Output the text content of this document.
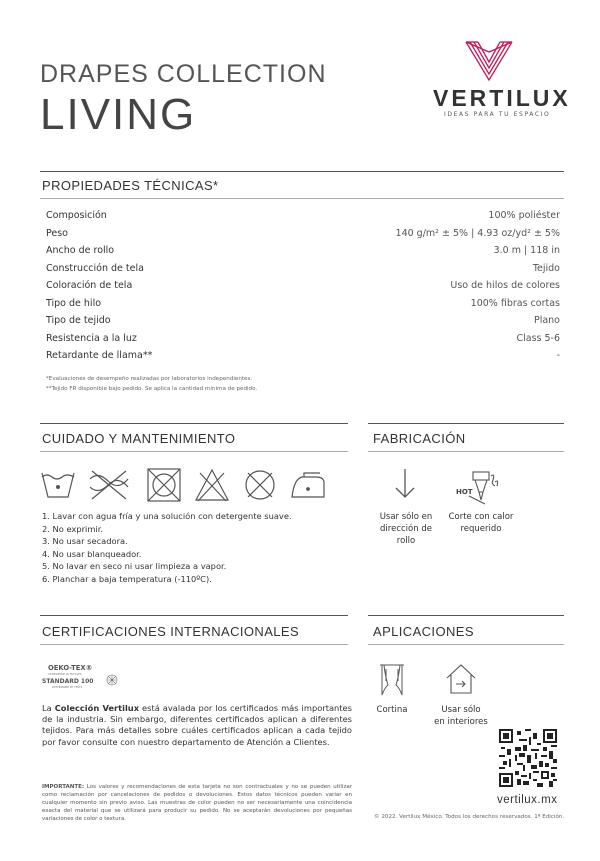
DRAPES COLLECTION
LIVING	VERTILUX
IDEAS PARA TU ESPACIO
PROPIEDADES TÉCNICAS*
Composición	100% poliéster
Peso	140 g/m² ± 5% | 4.93 oz/yd² ± 5%
Ancho de rollo	3.0 m | 118 in
Construcción de tela	Tejido
Coloración de tela	Uso de hilos de colores
Tipo de hilo	100% fibras cortas
Tipo de tejido	Plano
Resistencia a la luz	Class 5-6
Retardante de llama**	-
*Evaluaciones de desempeño realizadas por laboratorios independientes.
**Tejido FR disponible bajo pedido. Se aplica la cantidad mínima de pedido.
CUIDADO Y MANTENIMIENTO
1. Lavar con agua fría y una solución con detergente suave.
2. No exprimir.
3. No usar secadora.
4. No usar blanqueador.
5. No lavar en seco ni usar limpieza a vapor.
6. Planchar a baja temperatura (-110ºC).
FABRICACIÓN
Usar sólo en
dirección de rollo
HOT
Corte con calor
requerido
CERTIFICACIONES INTERNACIONALES
OEKO-TEX®
CONFIDENCE IN TEXTILES
STANDARD 100
DETERMINED BY TESTS
La Colección Vertilux está avalada por los certificados más importantes de la industria. Sin embargo, diferentes certificados aplican a diferentes tejidos. Para más detalles sobre cuáles certificados aplican a cada tejido por favor consulte con nuestro departamento de Atención a Clientes.
IMPORTANTE: Los valores y recomendaciones de esta tarjeta no son contractuales y no se pueden utilizar como reclamación por cancelaciones de pedidos o devoluciones. Estos datos técnicos pueden variar en cualquier momento sin previo aviso. Las muestras de color pueden no ser necesariamente una coincidencia exacta del material que se utilizará para producir su pedido. No se aceptarán devoluciones por pequeñas variaciones de color o textura.
APLICACIONES
Cortina	Usar sólo
en interiores
vertilux.mx
© 2022. Vertilux México. Todos los derechos reservados. 1ª Edición.
